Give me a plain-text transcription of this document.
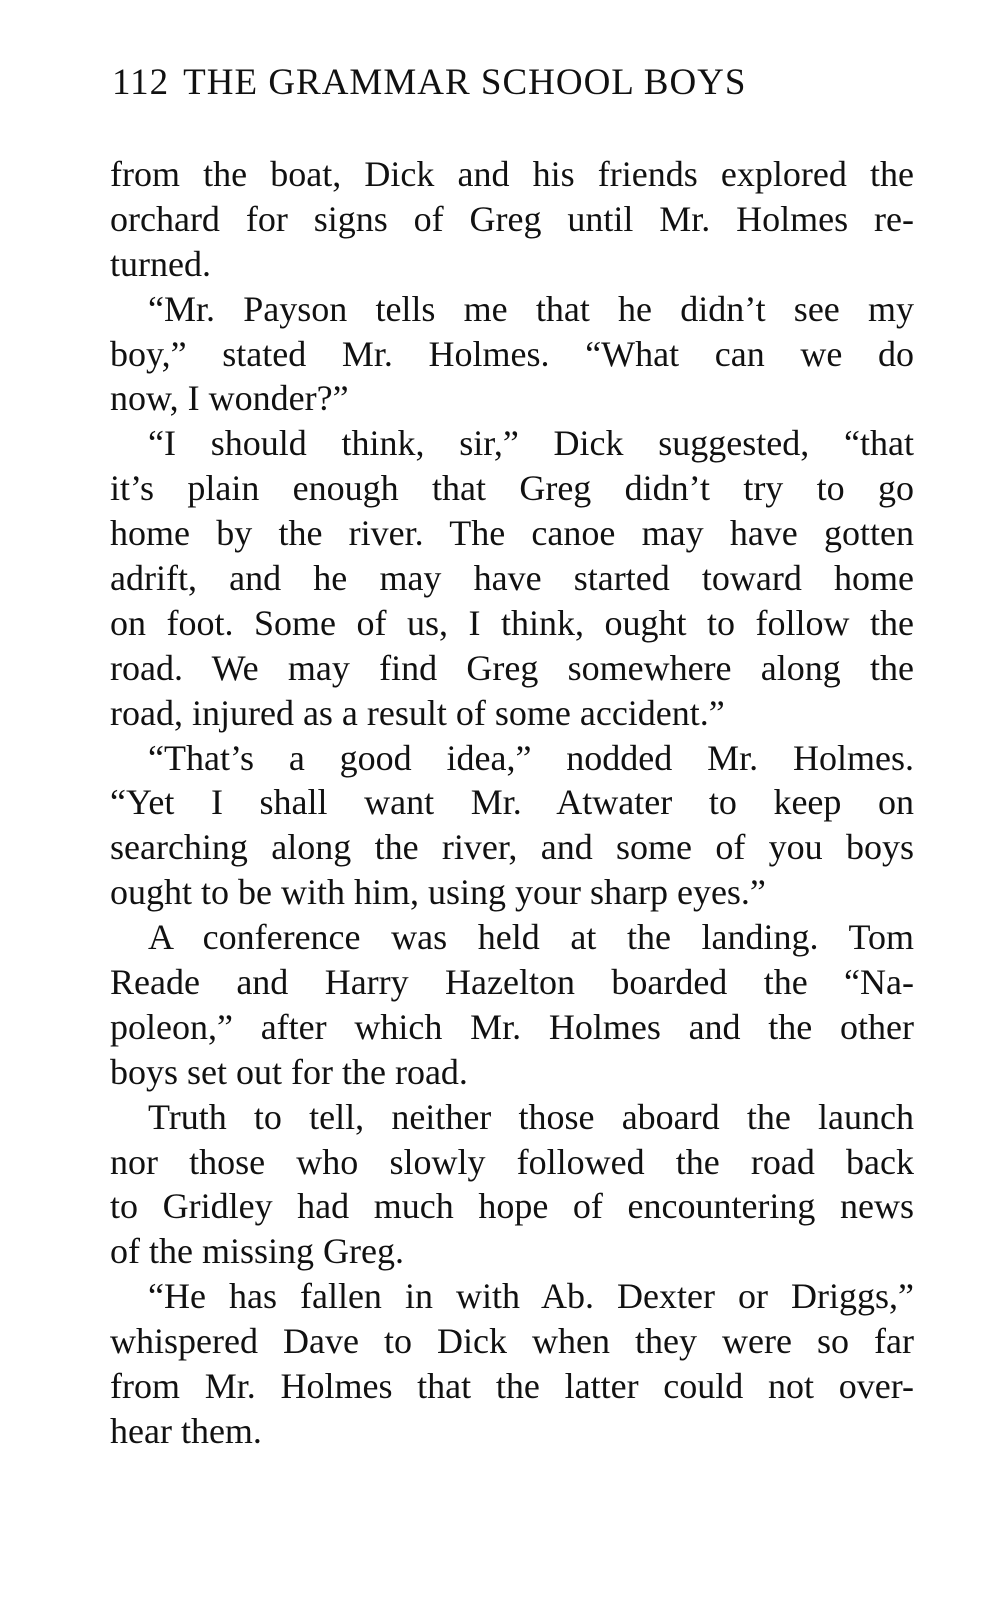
112 THE GRAMMAR SCHOOL BOYS
from the boat, Dick and his friends explored the
orchard for signs of Greg until Mr. Holmes re-
turned.
“Mr. Payson tells me that he didn’t see my
boy,” stated Mr. Holmes. “What can we do
now, I wonder?”
“I should think, sir,” Dick suggested, “that
it’s plain enough that Greg didn’t try to go
home by the river. The canoe may have gotten
adrift, and he may have started toward home
on foot. Some of us, I think, ought to follow the
road. We may find Greg somewhere along the
road, injured as a result of some accident.”
“That’s a good idea,” nodded Mr. Holmes.
“Yet I shall want Mr. Atwater to keep on
searching along the river, and some of you boys
ought to be with him, using your sharp eyes.”
A conference was held at the landing. Tom
Reade and Harry Hazelton boarded the “Na-
poleon,” after which Mr. Holmes and the other
boys set out for the road.
Truth to tell, neither those aboard the launch
nor those who slowly followed the road back
to Gridley had much hope of encountering news
of the missing Greg.
“He has fallen in with Ab. Dexter or Driggs,”
whispered Dave to Dick when they were so far
from Mr. Holmes that the latter could not over-
hear them.
